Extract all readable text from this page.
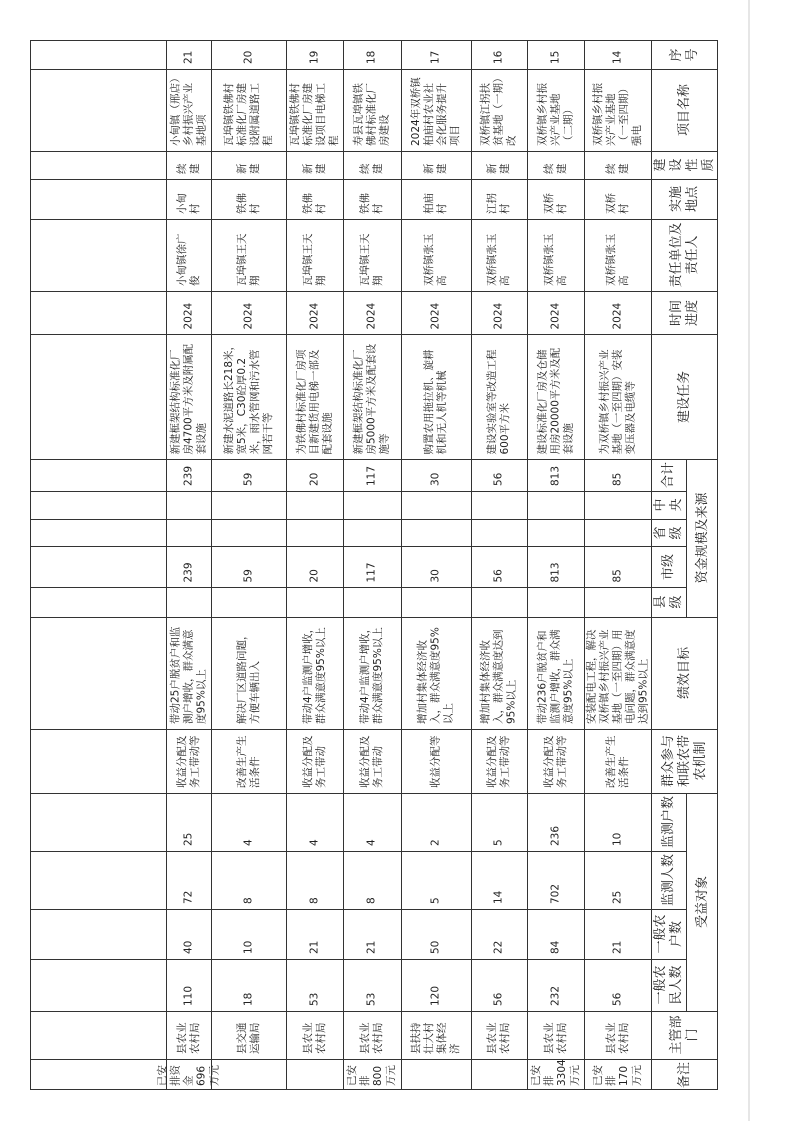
序号
项目名称
建设性质
实施地点
责任单位及责任人
时间进度
建设任务
合计
中央
省级
市级
县级
绩效目标
群众参与和联农带农机制
监测户数
监测人数
一般农户数
一般农民人数
主管部门
备注
资金规模及来源
受益对象
14
双桥镇乡村振兴产业基地（一至四期）强电
续建
双桥村
双桥镇张玉高
2024
为双桥镇乡村振兴产业基地（一至四期）安装变压器及电缆等
85
85
安装配电工程，解决双桥镇乡村振兴产业基地（一至四期）用电问题，群众满意度达到95%以上
改善生产生活条件
10
25
21
56
县农业农村局
已安排170万元
15
双桥镇乡村振兴产业基地（二期）
续建
双桥村
双桥镇张玉高
2024
建设标准化厂房及仓储用房20000平方米及配套设施
813
813
带动236户脱贫户和监测户增收，群众满意度95%以上
收益分配及务工带动等
236
702
84
232
县农业农村局
已安排3304万元
16
双桥镇江拐扶贫基地（一期）改
新建
江拐村
双桥镇张玉高
2024
建设实验室等改造工程600平方米
56
56
增加村集体经济收入，群众满意度达到95%以上
收益分配及务工带动等
5
14
22
56
县农业农村局
17
2024年双桥镇柏庙村农业社会化服务提升项目
新建
柏庙村
双桥镇张玉高
2024
购置农用拖拉机、旋耕机和无人机等机械
30
30
增加村集体经济收入，群众满意度95%以上
收益分配等
2
5
50
120
县扶持壮大村集体经济
18
寿县瓦埠镇铁佛村标准化厂房建设
续建
铁佛村
瓦埠镇王天翔
2024
新建框架结构标准化厂房5000平方米及配套设施等
117
117
带动4户监测户增收，群众满意度95%以上
收益分配及务工带动
4
8
21
53
县农业农村局
已安排800万元
19
瓦埠镇铁佛村标准化厂房建设项目电梯工程
新建
铁佛村
瓦埠镇王天翔
2024
为铁佛村标准化厂房项目新建货用电梯一部及配套设施
20
20
带动4户监测户增收，群众满意度95%以上
收益分配及务工带动
4
8
21
53
县农业农村局
20
瓦埠镇铁佛村标准化厂房建设附属道路工程
新建
铁佛村
瓦埠镇王天翔
2024
新建水泥道路长218米，宽5米，C30砼厚0.2米，雨水管网和污水管网若干等
59
59
解决厂区道路问题，方便车辆出入
改善生产生活条件
4
8
10
18
县交通运输局
21
小甸镇（邢店）乡村振兴产业基地项
续建
小甸村
小甸镇徐广俊
2024
新建框架结构标准化厂房4700平方米及附属配套设施
239
239
带动25户脱贫户和监测户增收，群众满意度95%以上
收益分配及务工带动等
25
72
40
110
县农业农村局
已安排资金696万元
